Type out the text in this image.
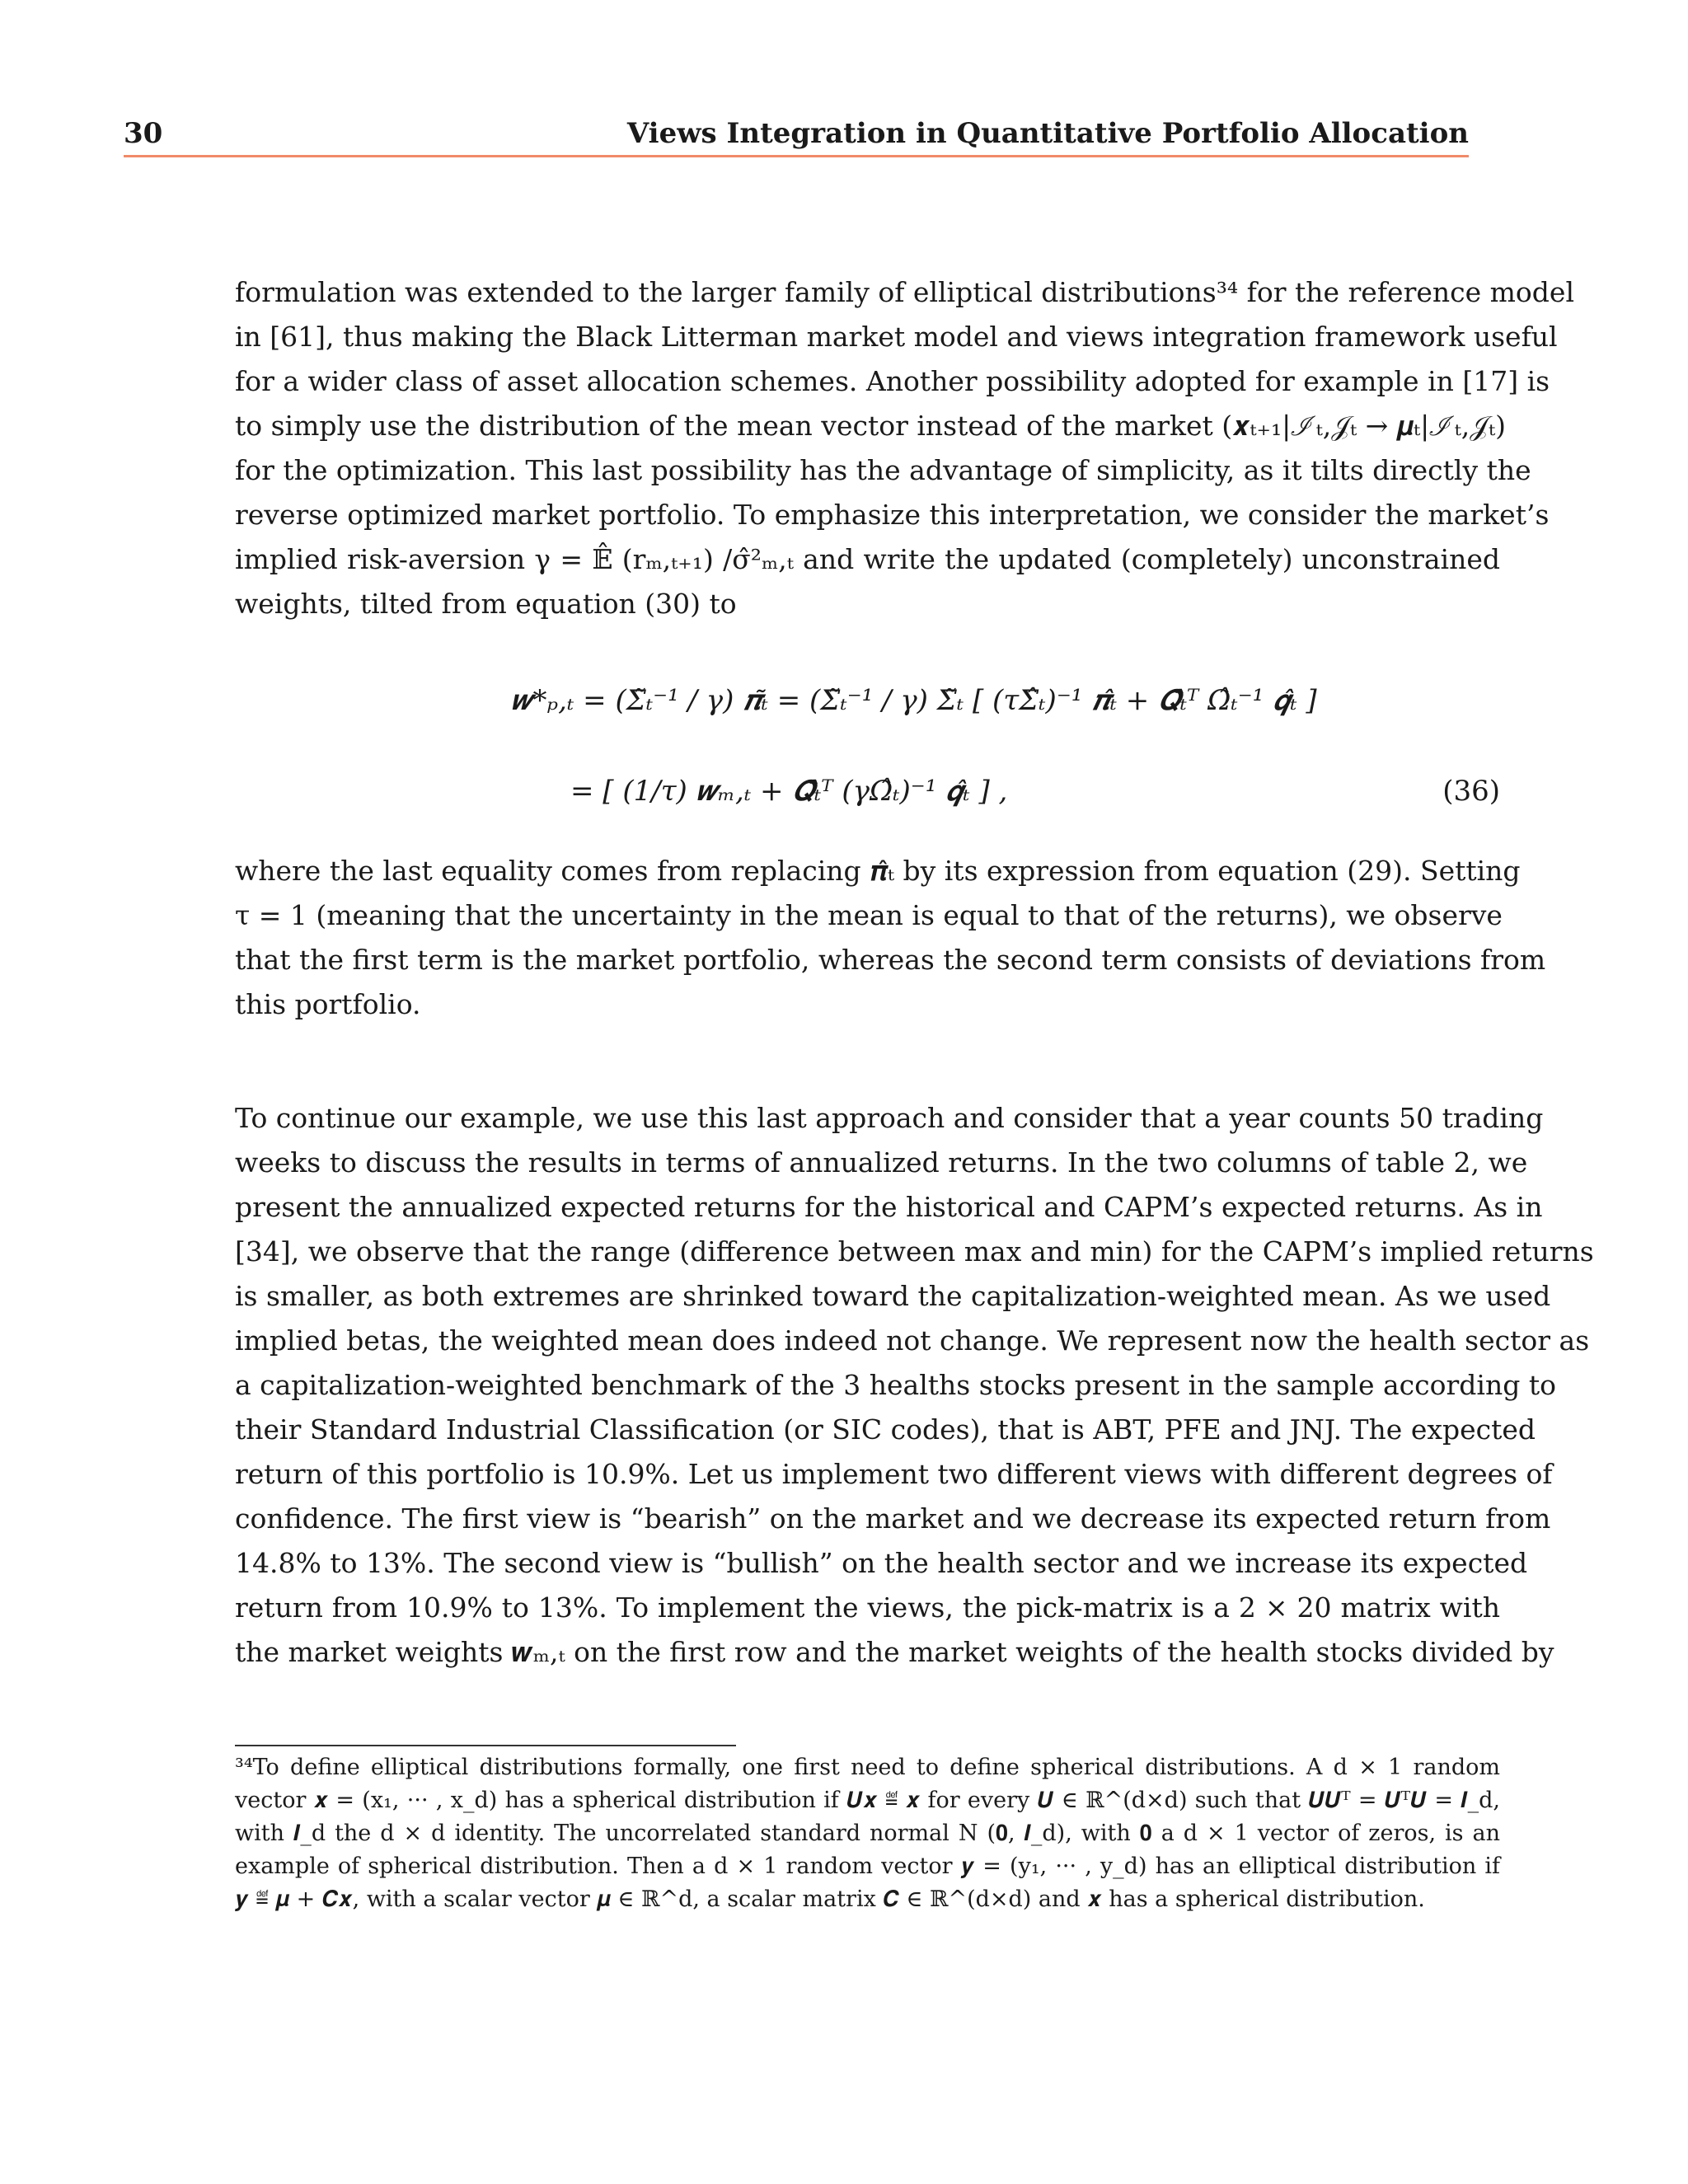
30	Views Integration in Quantitative Portfolio Allocation
formulation was extended to the larger family of elliptical distributions³⁴ for the reference model
in [61], thus making the Black Litterman market model and views integration framework useful
for a wider class of asset allocation schemes. Another possibility adopted for example in [17] is
to simply use the distribution of the mean vector instead of the market (𝒙ₜ₊₁|ℐₜ,𝒥ₜ → 𝝁ₜ|ℐₜ,𝒥ₜ)
for the optimization. This last possibility has the advantage of simplicity, as it tilts directly the
reverse optimized market portfolio. To emphasize this interpretation, we consider the market’s
implied risk-aversion γ = 𝔼̂ (rₘ,ₜ₊₁) /σ̂²ₘ,ₜ and write the updated (completely) unconstrained
weights, tilted from equation (30) to
𝒘*ₚ,ₜ = (Σ̃ₜ⁻¹ / γ) 𝝅̃ₜ = (Σ̃ₜ⁻¹ / γ) Σ̃ₜ [ (τΣ̂ₜ)⁻¹ 𝝅̂ₜ + 𝑸̂ₜᵀ Ω̂ₜ⁻¹ 𝒒̂ₜ ]
= [ (1/τ) 𝒘ₘ,ₜ + 𝑸̂ₜᵀ (γΩ̂ₜ)⁻¹ 𝒒̂ₜ ] ,	(36)
where the last equality comes from replacing 𝝅̂ₜ by its expression from equation (29). Setting
τ = 1 (meaning that the uncertainty in the mean is equal to that of the returns), we observe
that the first term is the market portfolio, whereas the second term consists of deviations from
this portfolio.
To continue our example, we use this last approach and consider that a year counts 50 trading
weeks to discuss the results in terms of annualized returns. In the two columns of table 2, we
present the annualized expected returns for the historical and CAPM’s expected returns. As in
[34], we observe that the range (difference between max and min) for the CAPM’s implied returns
is smaller, as both extremes are shrinked toward the capitalization-weighted mean. As we used
implied betas, the weighted mean does indeed not change. We represent now the health sector as
a capitalization-weighted benchmark of the 3 healths stocks present in the sample according to
their Standard Industrial Classification (or SIC codes), that is ABT, PFE and JNJ. The expected
return of this portfolio is 10.9%. Let us implement two different views with different degrees of
confidence. The first view is “bearish” on the market and we decrease its expected return from
14.8% to 13%. The second view is “bullish” on the health sector and we increase its expected
return from 10.9% to 13%. To implement the views, the pick-matrix is a 2 × 20 matrix with
the market weights 𝒘ₘ,ₜ on the first row and the market weights of the health stocks divided by
³⁴To define elliptical distributions formally, one first need to define spherical distributions. A d × 1 random
vector 𝒙 = (x₁, ··· , x_d) has a spherical distribution if 𝑼𝒙 ≝ 𝒙 for every 𝑼 ∈ ℝ^(d×d) such that 𝑼𝑼ᵀ = 𝑼ᵀ𝑼 = 𝑰_d,
with 𝑰_d the d × d identity. The uncorrelated standard normal N (𝟎, 𝑰_d), with 𝟎 a d × 1 vector of zeros, is an
example of spherical distribution. Then a d × 1 random vector 𝒚 = (y₁, ··· , y_d) has an elliptical distribution if
𝒚 ≝ 𝝁 + 𝑪𝒙, with a scalar vector 𝝁 ∈ ℝ^d, a scalar matrix 𝑪 ∈ ℝ^(d×d) and 𝒙 has a spherical distribution.
